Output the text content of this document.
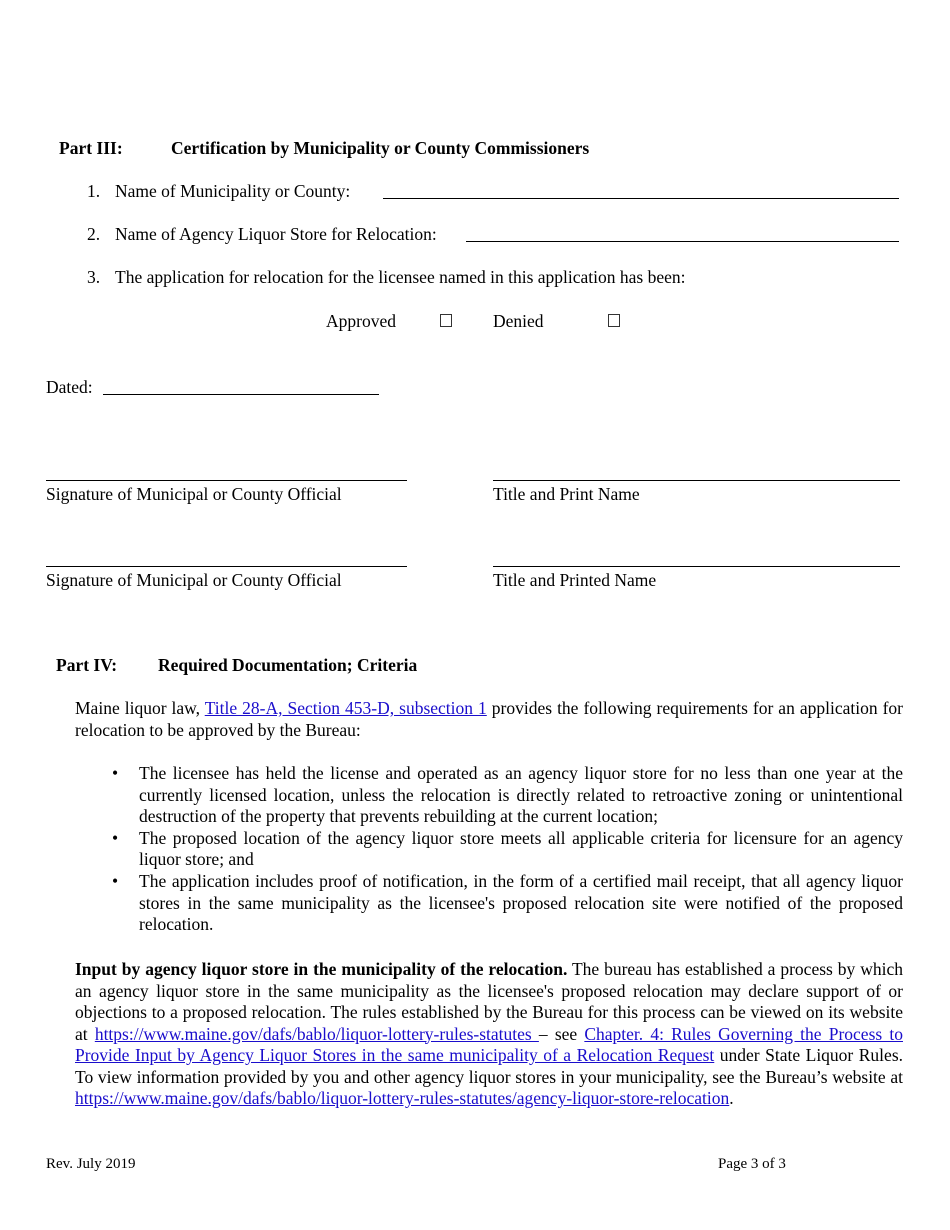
Part III:	Certification by Municipality or County Commissioners
1. Name of Municipality or County:
2. Name of Agency Liquor Store for Relocation:
3. The application for relocation for the licensee named in this application has been:
Approved	Denied
Dated:
Signature of Municipal or County Official	Title and Print Name
Signature of Municipal or County Official	Title and Printed Name
Part IV: Required Documentation; Criteria
Maine liquor law, Title 28-A, Section 453-D, subsection 1 provides the following requirements for an application for relocation to be approved by the Bureau:
• The licensee has held the license and operated as an agency liquor store for no less than one year at the currently licensed location, unless the relocation is directly related to retroactive zoning or unintentional destruction of the property that prevents rebuilding at the current location;
• The proposed location of the agency liquor store meets all applicable criteria for licensure for an agency liquor store; and
• The application includes proof of notification, in the form of a certified mail receipt, that all agency liquor stores in the same municipality as the licensee's proposed relocation site were notified of the proposed relocation.
Input by agency liquor store in the municipality of the relocation. The bureau has established a process by which an agency liquor store in the same municipality as the licensee's proposed relocation may declare support of or objections to a proposed relocation. The rules established by the Bureau for this process can be viewed on its website at https://www.maine.gov/dafs/bablo/liquor-lottery-rules-statutes – see Chapter. 4: Rules Governing the Process to Provide Input by Agency Liquor Stores in the same municipality of a Relocation Request under State Liquor Rules. To view information provided by you and other agency liquor stores in your municipality, see the Bureau’s website at https://www.maine.gov/dafs/bablo/liquor-lottery-rules-statutes/agency-liquor-store-relocation.
Rev. July 2019	Page 3 of 3
